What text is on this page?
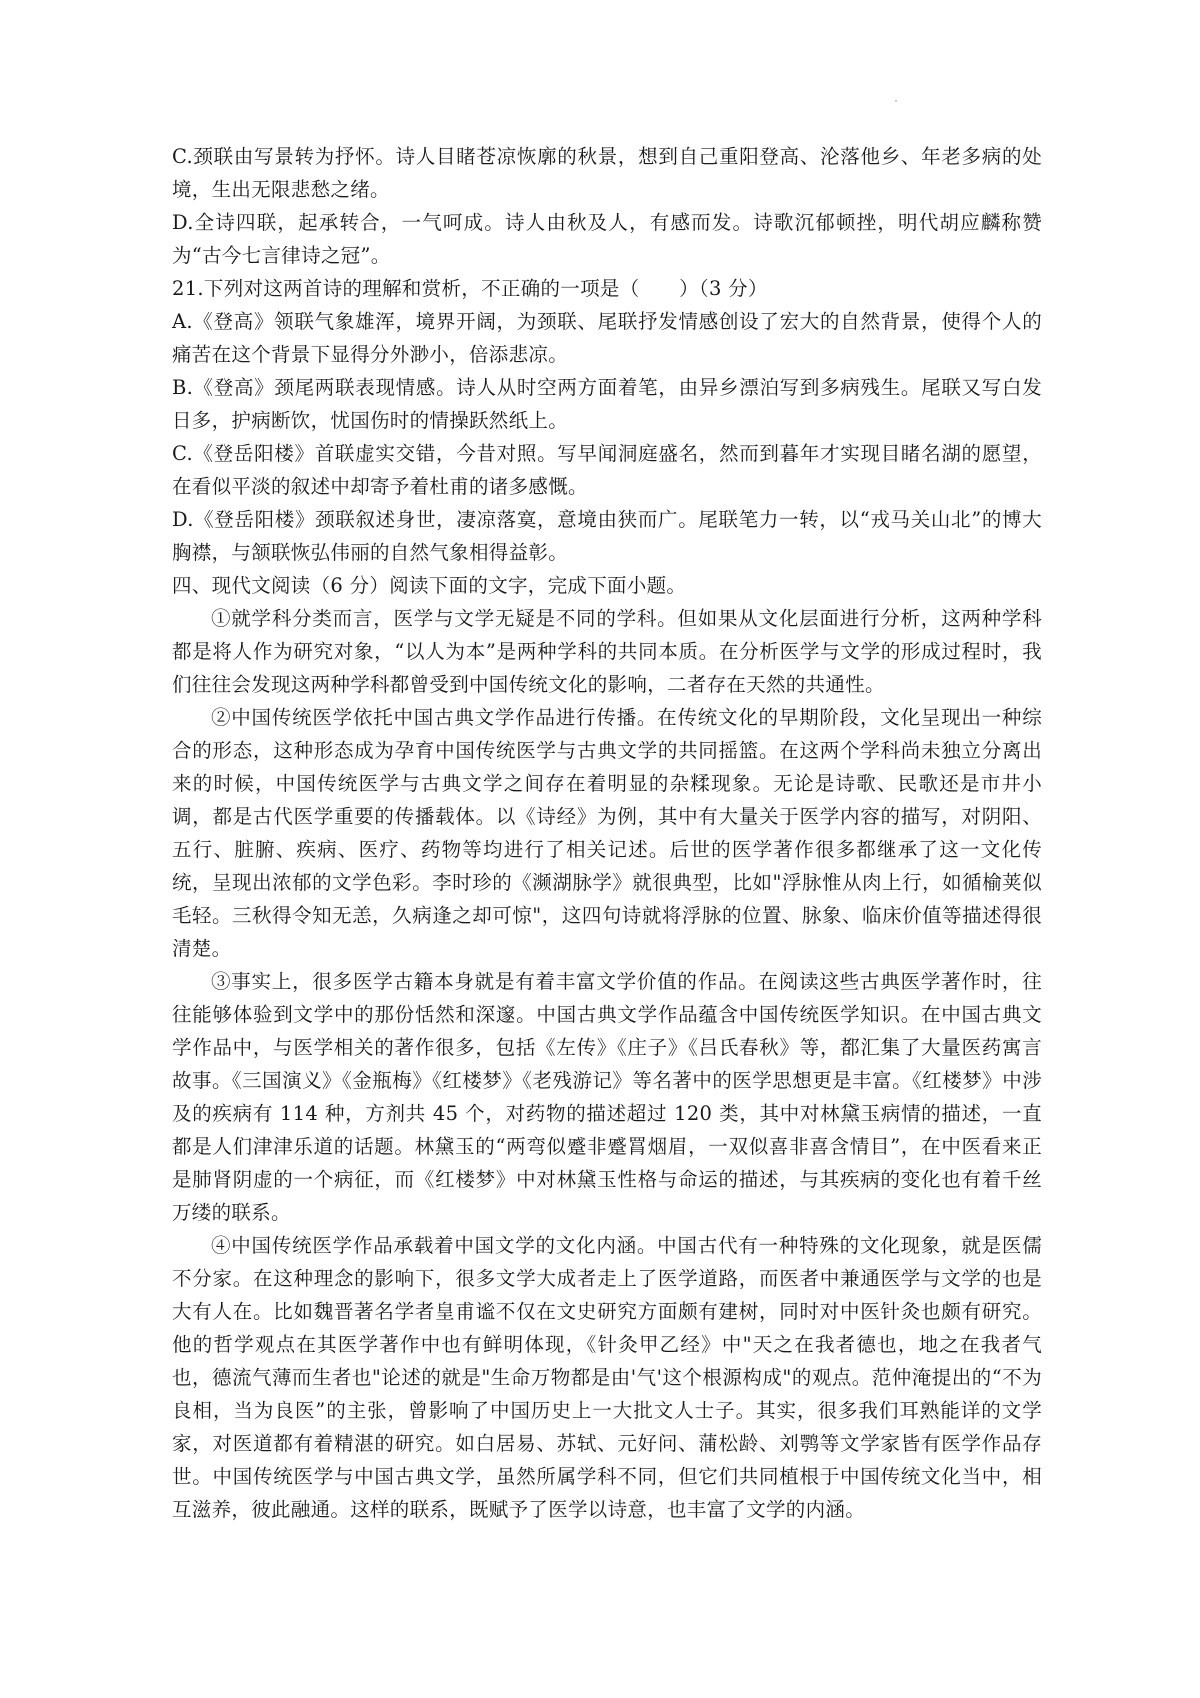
C.颈联由写景转为抒怀。诗人目睹苍凉恢廓的秋景，想到自己重阳登高、沦落他乡、年老多病的处境，生出无限悲愁之绪。

D.全诗四联，起承转合，一气呵成。诗人由秋及人，有感而发。诗歌沉郁顿挫，明代胡应麟称赞为“古今七言律诗之冠”。

21.下列对这两首诗的理解和赏析，不正确的一项是（　　）（3 分）

A.《登高》领联气象雄浑，境界开阔，为颈联、尾联抒发情感创设了宏大的自然背景，使得个人的痛苦在这个背景下显得分外渺小，倍添悲凉。

B.《登高》颈尾两联表现情感。诗人从时空两方面着笔，由异乡漂泊写到多病残生。尾联又写白发日多，护病断饮，忧国伤时的情操跃然纸上。

C.《登岳阳楼》首联虚实交错，今昔对照。写早闻洞庭盛名，然而到暮年才实现目睹名湖的愿望，在看似平淡的叙述中却寄予着杜甫的诸多感慨。

D.《登岳阳楼》颈联叙述身世，凄凉落寞，意境由狭而广。尾联笔力一转，以“戎马关山北”的博大胸襟，与颔联恢弘伟丽的自然气象相得益彰。

四、现代文阅读（6 分）阅读下面的文字，完成下面小题。

①就学科分类而言，医学与文学无疑是不同的学科。但如果从文化层面进行分析，这两种学科都是将人作为研究对象，“以人为本”是两种学科的共同本质。在分析医学与文学的形成过程时，我们往往会发现这两种学科都曾受到中国传统文化的影响，二者存在天然的共通性。

②中国传统医学依托中国古典文学作品进行传播。在传统文化的早期阶段，文化呈现出一种综合的形态，这种形态成为孕育中国传统医学与古典文学的共同摇篮。在这两个学科尚未独立分离出来的时候，中国传统医学与古典文学之间存在着明显的杂糅现象。无论是诗歌、民歌还是市井小调，都是古代医学重要的传播载体。以《诗经》为例，其中有大量关于医学内容的描写，对阴阳、五行、脏腑、疾病、医疗、药物等均进行了相关记述。后世的医学著作很多都继承了这一文化传统，呈现出浓郁的文学色彩。李时珍的《濒湖脉学》就很典型，比如"浮脉惟从肉上行，如循榆荚似毛轻。三秋得令知无恙，久病逢之却可惊"，这四句诗就将浮脉的位置、脉象、临床价值等描述得很清楚。

③事实上，很多医学古籍本身就是有着丰富文学价值的作品。在阅读这些古典医学著作时，往往能够体验到文学中的那份恬然和深邃。中国古典文学作品蕴含中国传统医学知识。在中国古典文学作品中，与医学相关的著作很多，包括《左传》《庄子》《吕氏春秋》等，都汇集了大量医药寓言故事。《三国演义》《金瓶梅》《红楼梦》《老残游记》等名著中的医学思想更是丰富。《红楼梦》中涉及的疾病有 114 种，方剂共 45 个，对药物的描述超过 120 类，其中对林黛玉病情的描述，一直都是人们津津乐道的话题。林黛玉的“两弯似蹙非蹙罥烟眉，一双似喜非喜含情目”，在中医看来正是肺肾阴虚的一个病征，而《红楼梦》中对林黛玉性格与命运的描述，与其疾病的变化也有着千丝万缕的联系。

④中国传统医学作品承载着中国文学的文化内涵。中国古代有一种特殊的文化现象，就是医儒不分家。在这种理念的影响下，很多文学大成者走上了医学道路，而医者中兼通医学与文学的也是大有人在。比如魏晋著名学者皇甫谧不仅在文史研究方面颇有建树，同时对中医针灸也颇有研究。他的哲学观点在其医学著作中也有鲜明体现，《针灸甲乙经》中"天之在我者德也，地之在我者气也，德流气薄而生者也"论述的就是"生命万物都是由'气'这个根源构成"的观点。范仲淹提出的“不为良相，当为良医”的主张，曾影响了中国历史上一大批文人士子。其实，很多我们耳熟能详的文学家，对医道都有着精湛的研究。如白居易、苏轼、元好问、蒲松龄、刘鹗等文学家皆有医学作品存世。中国传统医学与中国古典文学，虽然所属学科不同，但它们共同植根于中国传统文化当中，相互滋养，彼此融通。这样的联系，既赋予了医学以诗意，也丰富了文学的内涵。
